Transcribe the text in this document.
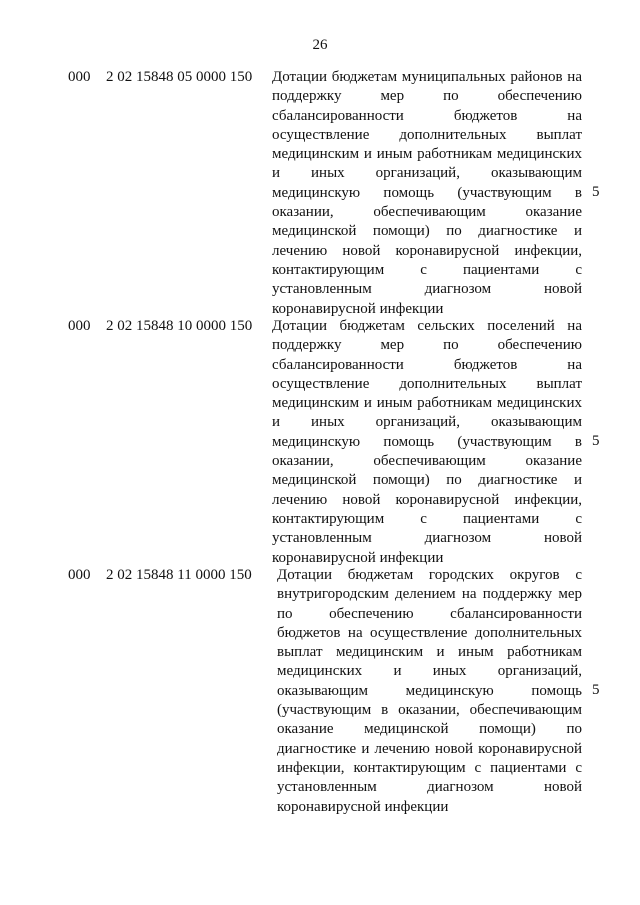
26
000 2 02 15848 05 0000 150 Дотации бюджетам муниципальных районов на поддержку мер по обеспечению сбалансированности бюджетов на осуществление дополнительных выплат медицинским и иным работникам медицинских и иных организаций, оказывающим медицинскую помощь (участвующим в оказании, обеспечивающим оказание медицинской помощи) по диагностике и лечению новой коронавирусной инфекции, контактирующим с пациентами с установленным диагнозом новой коронавирусной инфекции
5
000 2 02 15848 10 0000 150 Дотации бюджетам сельских поселений на поддержку мер по обеспечению сбалансированности бюджетов на осуществление дополнительных выплат медицинским и иным работникам медицинских и иных организаций, оказывающим медицинскую помощь (участвующим в оказании, обеспечивающим оказание медицинской помощи) по диагностике и лечению новой коронавирусной инфекции, контактирующим с пациентами с установленным диагнозом новой коронавирусной инфекции
5
000 2 02 15848 11 0000 150 Дотации бюджетам городских округов с внутригородским делением на поддержку мер по обеспечению сбалансированности бюджетов на осуществление дополнительных выплат медицинским и иным работникам медицинских и иных организаций, оказывающим медицинскую помощь (участвующим в оказании, обеспечивающим оказание медицинской помощи) по диагностике и лечению новой коронавирусной инфекции, контактирующим с пациентами с установленным диагнозом новой коронавирусной инфекции
5
